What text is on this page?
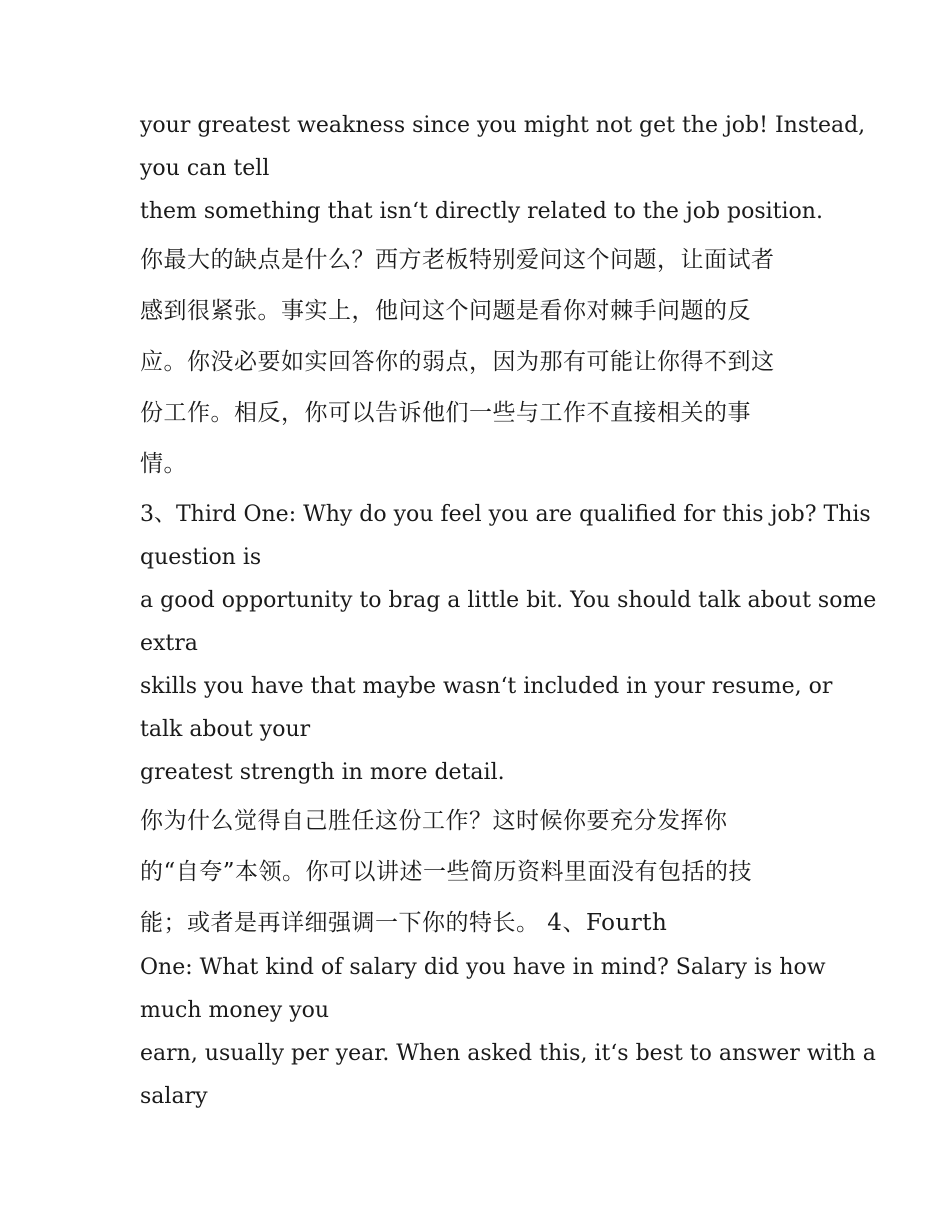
your greatest weakness since you might not get the job! Instead,
you can tell
them something that isn‘t directly related to the job position.
你最大的缺点是什么？西方老板特别爱问这个问题，让面试者
感到很紧张。事实上，他问这个问题是看你对棘手问题的反
应。你没必要如实回答你的弱点，因为那有可能让你得不到这
份工作。相反，你可以告诉他们一些与工作不直接相关的事
情。
3、Third One: Why do you feel you are qualified for this job? This
question is
a good opportunity to brag a little bit. You should talk about some
extra
skills you have that maybe wasn‘t included in your resume, or
talk about your
greatest strength in more detail.
你为什么觉得自己胜任这份工作？这时候你要充分发挥你
的“自夸”本领。你可以讲述一些简历资料里面没有包括的技
能；或者是再详细强调一下你的特长。 4、Fourth
One: What kind of salary did you have in mind? Salary is how
much money you
earn, usually per year. When asked this, it‘s best to answer with a
salary
